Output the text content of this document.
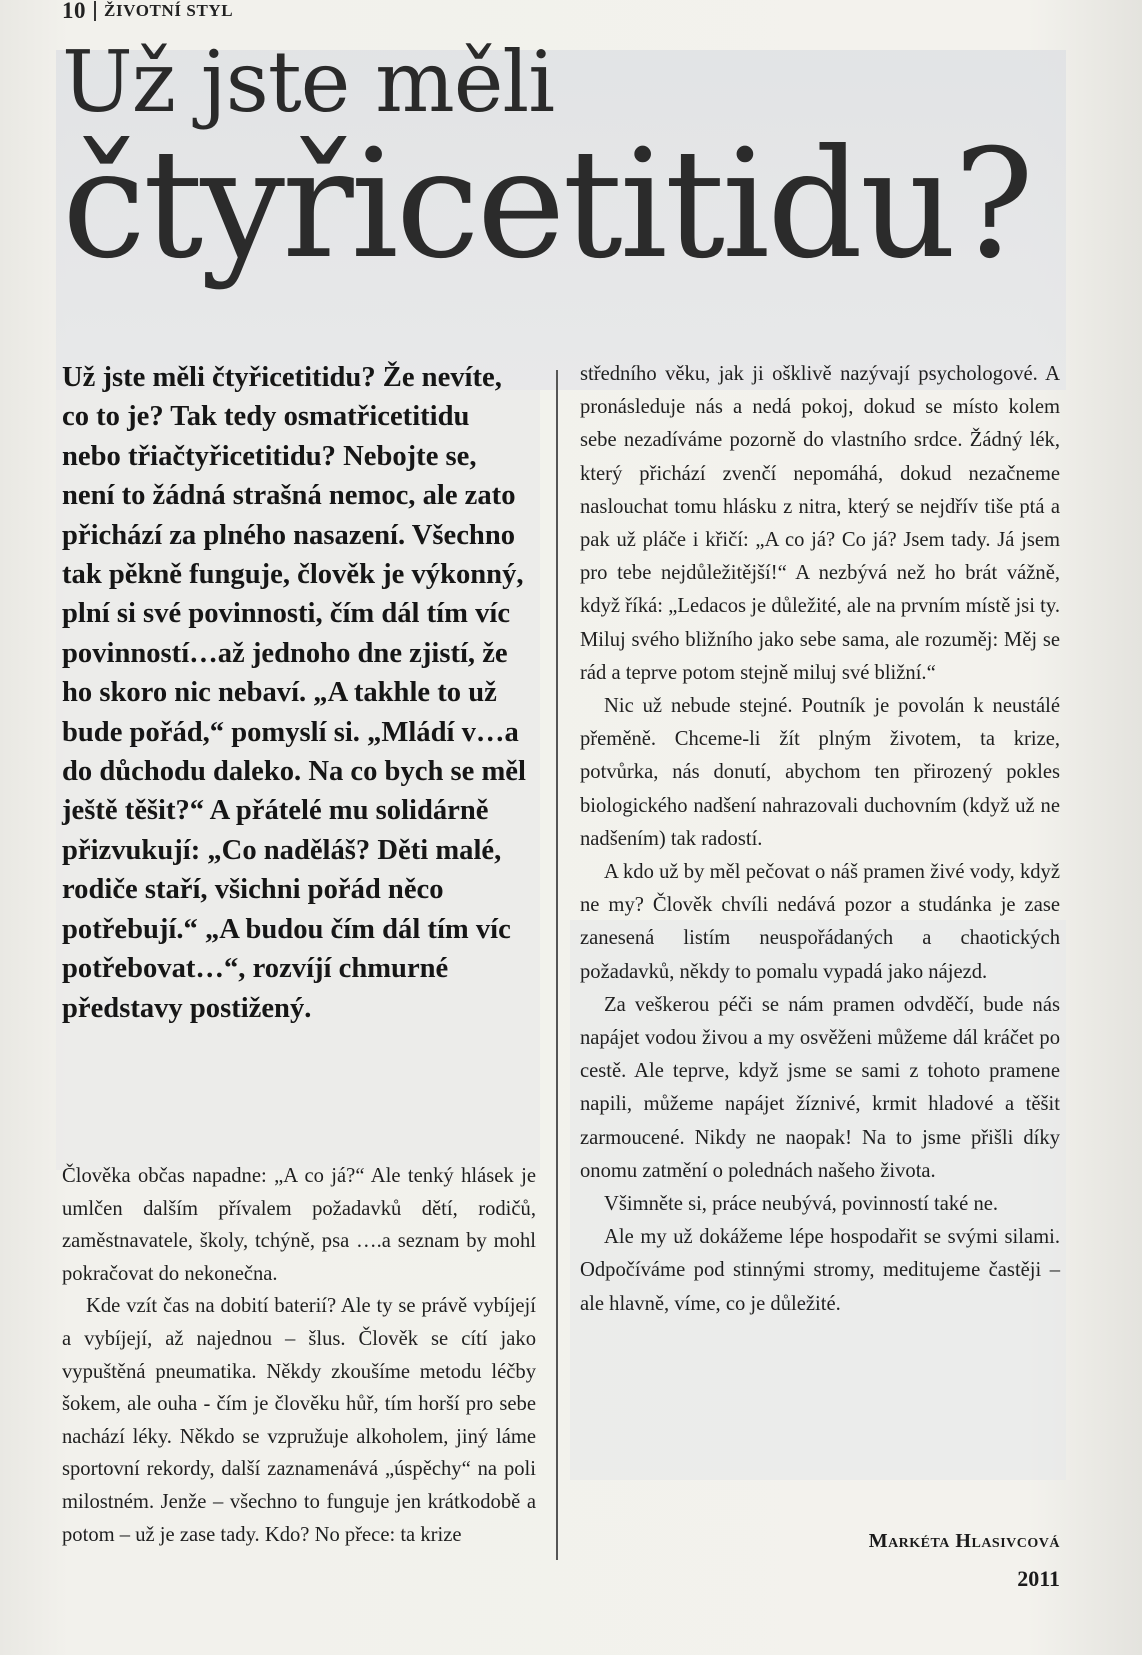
10 ŽIVOTNÍ STYL
Už jste měli
čtyřicetitidu?
Už jste měli čtyřicetitidu? Že nevíte, co to je? Tak tedy osmatřicetitidu nebo třiačtyřicetitidu? Nebojte se, není to žádná strašná nemoc, ale zato přichází za plného nasazení. Všechno tak pěkně funguje, člověk je výkonný, plní si své povinnosti, čím dál tím víc povinností…až jednoho dne zjistí, že ho skoro nic nebaví. „A takhle to už bude pořád,“ pomyslí si. „Mládí v…a do důchodu daleko. Na co bych se měl ještě těšit?“ A přátelé mu solidárně přizvukují: „Co naděláš? Děti malé, rodiče staří, všichni pořád něco potřebují.“ „A budou čím dál tím víc potřebovat…“, rozvíjí chmurné představy postižený.

Člověka občas napadne: „A co já?“ Ale tenký hlásek je umlčen dalším přívalem požadavků dětí, rodičů, zaměstnavatele, školy, tchýně, psa ….a seznam by mohl pokračovat do nekonečna.

Kde vzít čas na dobití baterií? Ale ty se právě vybíjejí a vybíjejí, až najednou – šlus. Člověk se cítí jako vypuštěná pneumatika. Někdy zkoušíme metodu léčby šokem, ale ouha - čím je člověku hůř, tím horší pro sebe nachází léky. Někdo se vzpružuje alkoholem, jiný láme sportovní rekordy, další zaznamenává „úspěchy“ na poli milostném. Jenže – všechno to funguje jen krátkodobě a potom – už je zase tady. Kdo? No přece: ta krize

středního věku, jak ji ošklivě nazývají psychologové. A pronásleduje nás a nedá pokoj, dokud se místo kolem sebe nezadíváme pozorně do vlastního srdce. Žádný lék, který přichází zvenčí nepomáhá, dokud nezačneme naslouchat tomu hlásku z nitra, který se nejdřív tiše ptá a pak už pláče i křičí: „A co já? Co já? Jsem tady. Já jsem pro tebe nejdůležitější!“ A nezbývá než ho brát vážně, když říká: „Ledacos je důležité, ale na prvním místě jsi ty. Miluj svého bližního jako sebe sama, ale rozuměj: Měj se rád a teprve potom stejně miluj své bližní.“

Nic už nebude stejné. Poutník je povolán k neustálé přeměně. Chceme-li žít plným životem, ta krize, potvůrka, nás donutí, abychom ten přirozený pokles biologického nadšení nahrazovali duchovním (když už ne nadšením) tak radostí.

A kdo už by měl pečovat o náš pramen živé vody, když ne my? Člověk chvíli nedává pozor a studánka je zase zanesená listím neuspořádaných a chaotických požadavků, někdy to pomalu vypadá jako nájezd.

Za veškerou péči se nám pramen odvděčí, bude nás napájet vodou živou a my osvěženi můžeme dál kráčet po cestě. Ale teprve, když jsme se sami z tohoto pramene napili, můžeme napájet žíznivé, krmit hladové a těšit zarmoucené. Nikdy ne naopak! Na to jsme přišli díky onomu zatmění o polednách našeho života.

Všimněte si, práce neubývá, povinností také ne.

Ale my už dokážeme lépe hospodařit se svými silami. Odpočíváme pod stinnými stromy, meditujeme častěji – ale hlavně, víme, co je důležité.

Markéta Hlasivcová
2011
